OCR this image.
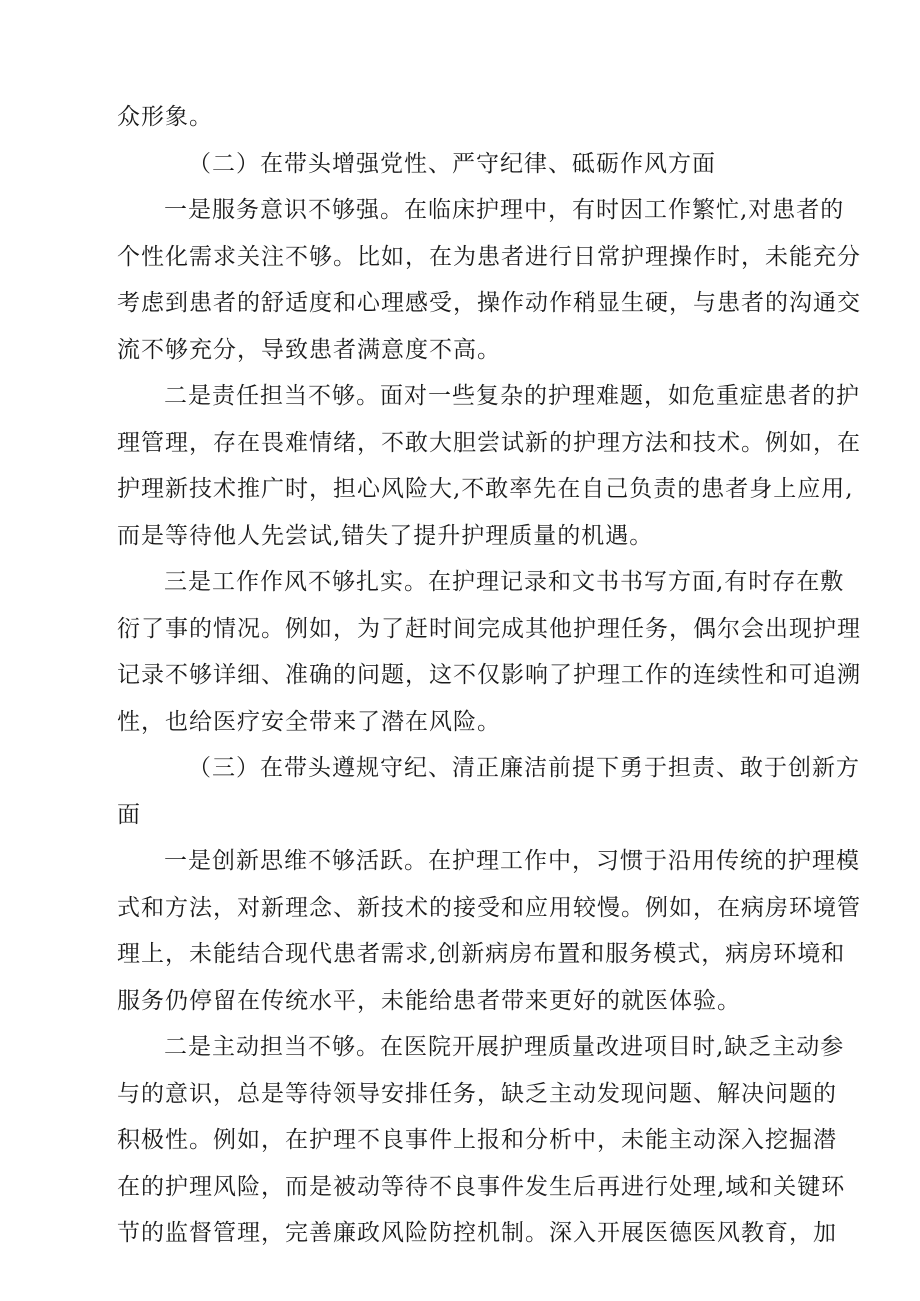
众形象。
（二）在带头增强党性、严守纪律、砥砺作风方面
一是服务意识不够强。在临床护理中，有时因工作繁忙,对患者的
个性化需求关注不够。比如，在为患者进行日常护理操作时，未能充分
考虑到患者的舒适度和心理感受，操作动作稍显生硬，与患者的沟通交
流不够充分，导致患者满意度不高。
二是责任担当不够。面对一些复杂的护理难题，如危重症患者的护
理管理，存在畏难情绪，不敢大胆尝试新的护理方法和技术。例如，在
护理新技术推广时，担心风险大,不敢率先在自己负责的患者身上应用,
而是等待他人先尝试,错失了提升护理质量的机遇。
三是工作作风不够扎实。在护理记录和文书书写方面,有时存在敷
衍了事的情况。例如，为了赶时间完成其他护理任务，偶尔会出现护理
记录不够详细、准确的问题，这不仅影响了护理工作的连续性和可追溯
性，也给医疗安全带来了潜在风险。
（三）在带头遵规守纪、清正廉洁前提下勇于担责、敢于创新方
面
一是创新思维不够活跃。在护理工作中，习惯于沿用传统的护理模
式和方法，对新理念、新技术的接受和应用较慢。例如，在病房环境管
理上，未能结合现代患者需求,创新病房布置和服务模式，病房环境和
服务仍停留在传统水平，未能给患者带来更好的就医体验。
二是主动担当不够。在医院开展护理质量改进项目时,缺乏主动参
与的意识，总是等待领导安排任务，缺乏主动发现问题、解决问题的
积极性。例如，在护理不良事件上报和分析中，未能主动深入挖掘潜
在的护理风险，而是被动等待不良事件发生后再进行处理,域和关键环
节的监督管理，完善廉政风险防控机制。深入开展医德医风教育，加
